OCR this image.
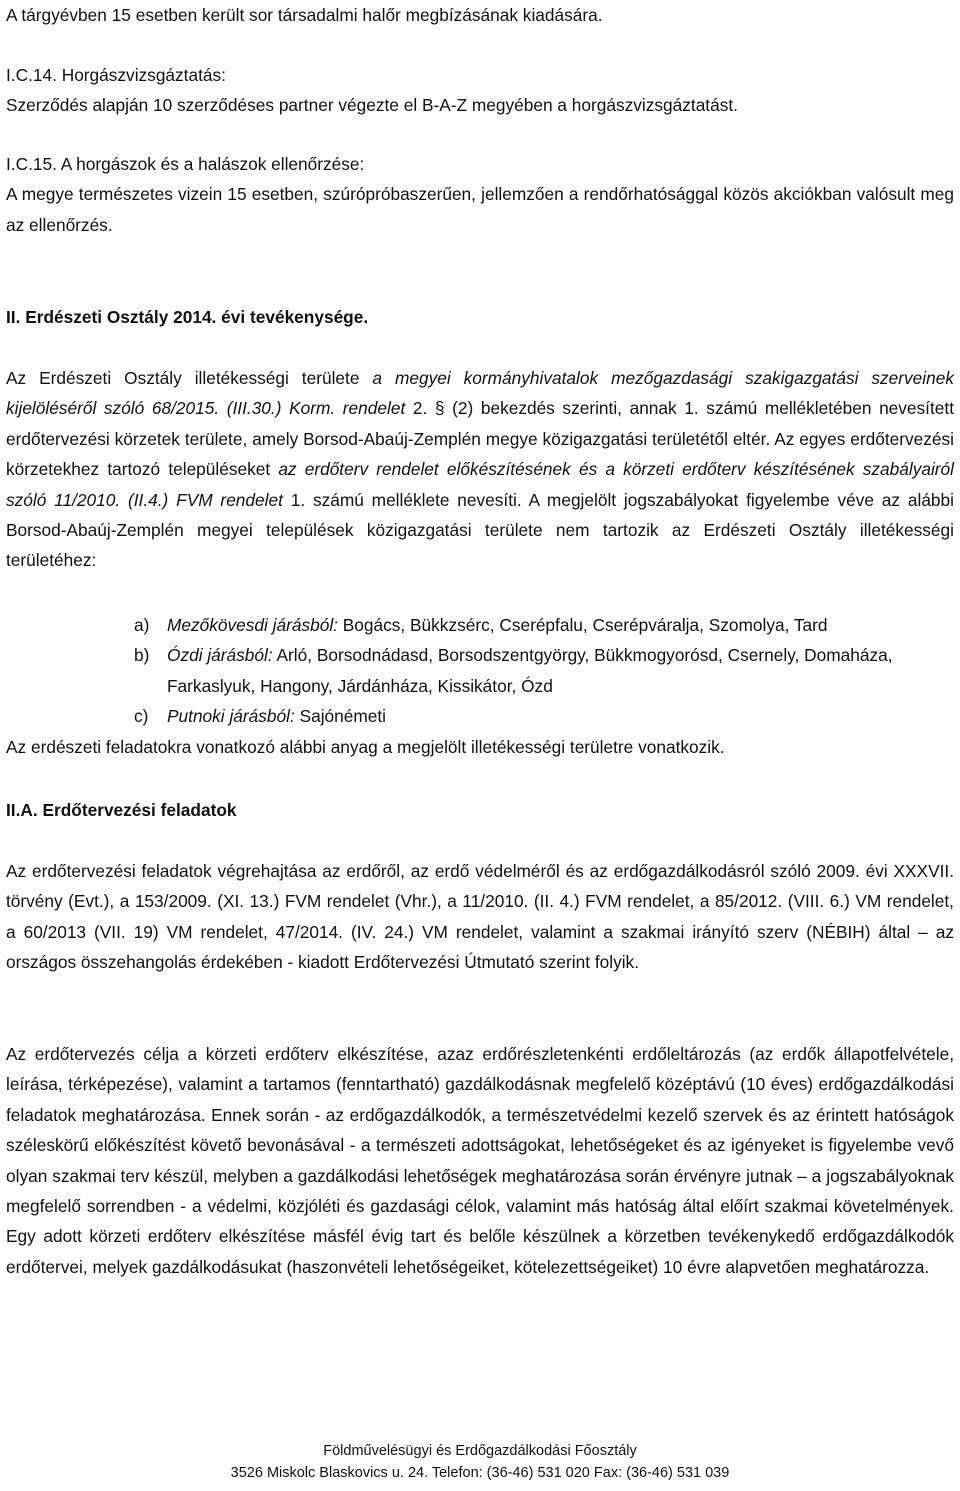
A tárgyévben 15 esetben került sor társadalmi halőr megbízásának kiadására.

I.C.14. Horgászvizsgáztatás:

Szerződés alapján 10 szerződéses partner végezte el B-A-Z megyében a horgászvizsgáztatást.

I.C.15. A horgászok és a halászok ellenőrzése:

A megye természetes vizein 15 esetben, szúrópróbaszerűen, jellemzően a rendőrhatósággal közös akciókban valósult meg az ellenőrzés.

II. Erdészeti Osztály 2014. évi tevékenysége.

Az Erdészeti Osztály illetékességi területe a megyei kormányhivatalok mezőgazdasági szakigazgatási szerveinek kijelöléséről szóló 68/2015. (III.30.) Korm. rendelet 2. § (2) bekezdés szerinti, annak 1. számú mellékletében nevesített erdőtervezési körzetek területe, amely Borsod-Abaúj-Zemplén megye közigazgatási területétől eltér. Az egyes erdőtervezési körzetekhez tartozó településeket az erdőterv rendelet előkészítésének és a körzeti erdőterv készítésének szabályairól szóló 11/2010. (II.4.) FVM rendelet 1. számú melléklete nevesíti. A megjelölt jogszabályokat figyelembe véve az alábbi Borsod-Abaúj-Zemplén megyei települések közigazgatási területe nem tartozik az Erdészeti Osztály illetékességi területéhez:

a) Mezőkövesdi járásból: Bogács, Bükkzsérc, Cserépfalu, Cserépváralja, Szomolya, Tard
b) Ózdi járásból: Arló, Borsodnádasd, Borsodszentgyörgy, Bükkmogyorósd, Csernely, Domaháza, Farkaslyuk, Hangony, Járdánháza, Kissikátor, Ózd
c) Putnoki járásból: Sajónémeti

Az erdészeti feladatokra vonatkozó alábbi anyag a megjelölt illetékességi területre vonatkozik.

II.A. Erdőtervezési feladatok

Az erdőtervezési feladatok végrehajtása az erdőről, az erdő védelméről és az erdőgazdálkodásról szóló 2009. évi XXXVII. törvény (Evt.), a 153/2009. (XI. 13.) FVM rendelet (Vhr.), a 11/2010. (II. 4.) FVM rendelet, a 85/2012. (VIII. 6.) VM rendelet, a 60/2013 (VII. 19) VM rendelet, 47/2014. (IV. 24.) VM rendelet, valamint a szakmai irányító szerv (NÉBIH) által – az országos összehangolás érdekében - kiadott Erdőtervezési Útmutató szerint folyik.

Az erdőtervezés célja a körzeti erdőterv elkészítése, azaz erdőrészletenkénti erdőleltározás (az erdők állapotfelvétele, leírása, térképezése), valamint a tartamos (fenntartható) gazdálkodásnak megfelelő középtávú (10 éves) erdőgazdálkodási feladatok meghatározása. Ennek során - az erdőgazdálkodók, a természetvédelmi kezelő szervek és az érintett hatóságok széleskörű előkészítést követő bevonásával - a természeti adottságokat, lehetőségeket és az igényeket is figyelembe vevő olyan szakmai terv készül, melyben a gazdálkodási lehetőségek meghatározása során érvényre jutnak – a jogszabályoknak megfelelő sorrendben - a védelmi, közjóléti és gazdasági célok, valamint más hatóság által előírt szakmai követelmények. Egy adott körzeti erdőterv elkészítése másfél évig tart és belőle készülnek a körzetben tevékenykedő erdőgazdálkodók erdőtervei, melyek gazdálkodásukat (haszonvételi lehetőségeiket, kötelezettségeiket) 10 évre alapvetően meghatározza.

Földművelésügyi és Erdőgazdálkodási Főosztály
3526 Miskolc Blaskovics u. 24. Telefon: (36-46) 531 020 Fax: (36-46) 531 039
